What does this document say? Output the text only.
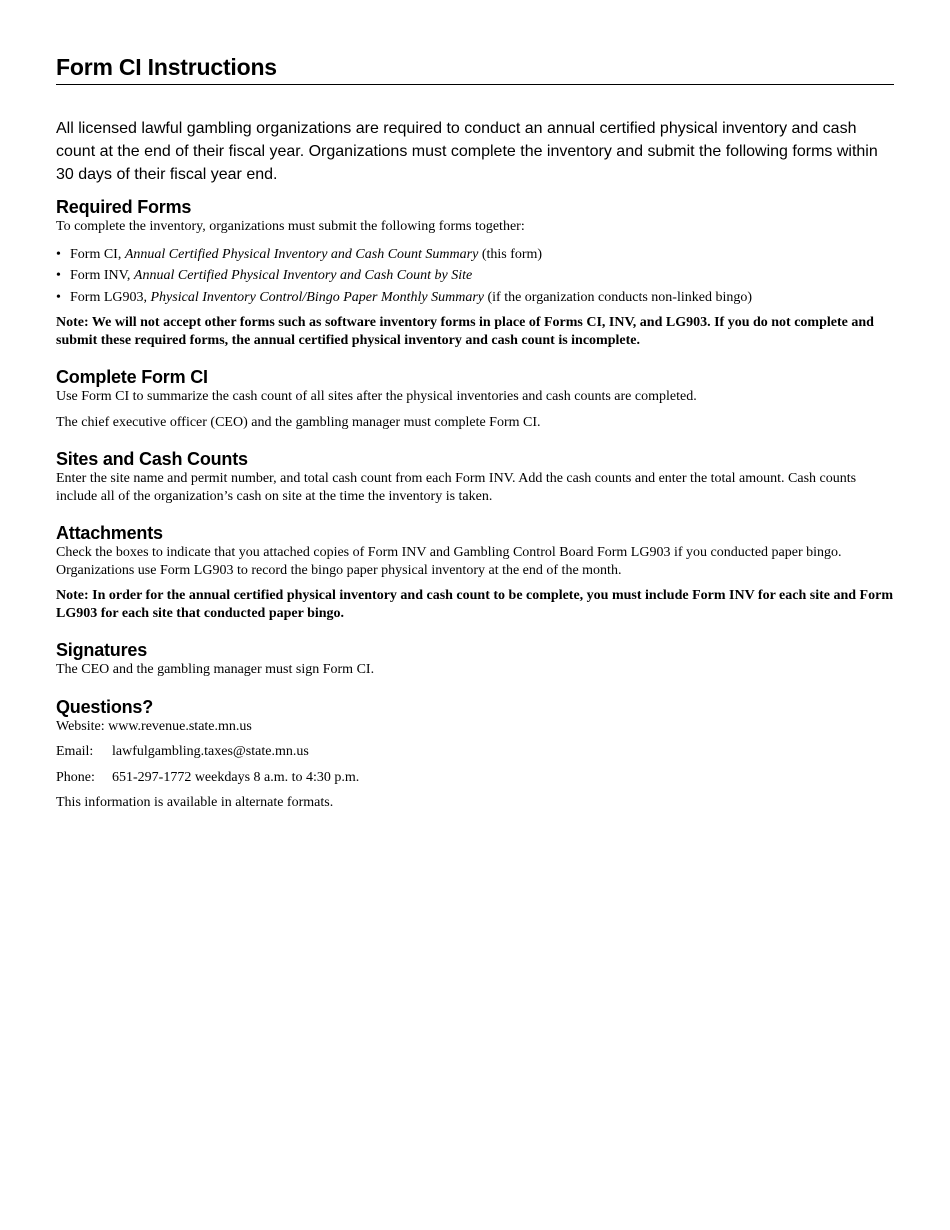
Form CI Instructions
All licensed lawful gambling organizations are required to conduct an annual certified physical inventory and cash count at the end of their fiscal year. Organizations must complete the inventory and submit the following forms within 30 days of their fiscal year end.
Required Forms

To complete the inventory, organizations must submit the following forms together:

• Form CI, Annual Certified Physical Inventory and Cash Count Summary (this form)
• Form INV, Annual Certified Physical Inventory and Cash Count by Site
• Form LG903, Physical Inventory Control/Bingo Paper Monthly Summary (if the organization conducts non-linked bingo)

Note: We will not accept other forms such as software inventory forms in place of Forms CI, INV, and LG903. If you do not complete and submit these required forms, the annual certified physical inventory and cash count is incomplete.

Complete Form CI

Use Form CI to summarize the cash count of all sites after the physical inventories and cash counts are completed.

The chief executive officer (CEO) and the gambling manager must complete Form CI.

Sites and Cash Counts

Enter the site name and permit number, and total cash count from each Form INV. Add the cash counts and enter the total amount. Cash counts include all of the organization’s cash on site at the time the inventory is taken.

Attachments

Check the boxes to indicate that you attached copies of Form INV and Gambling Control Board Form LG903 if you conducted paper bingo. Organizations use Form LG903 to record the bingo paper physical inventory at the end of the month.

Note: In order for the annual certified physical inventory and cash count to be complete, you must include Form INV for each site and Form LG903 for each site that conducted paper bingo.

Signatures

The CEO and the gambling manager must sign Form CI.

Questions?

Website: www.revenue.state.mn.us

Email:	lawfulgambling.taxes@state.mn.us

Phone:	651-297-1772 weekdays 8 a.m. to 4:30 p.m.

This information is available in alternate formats.
